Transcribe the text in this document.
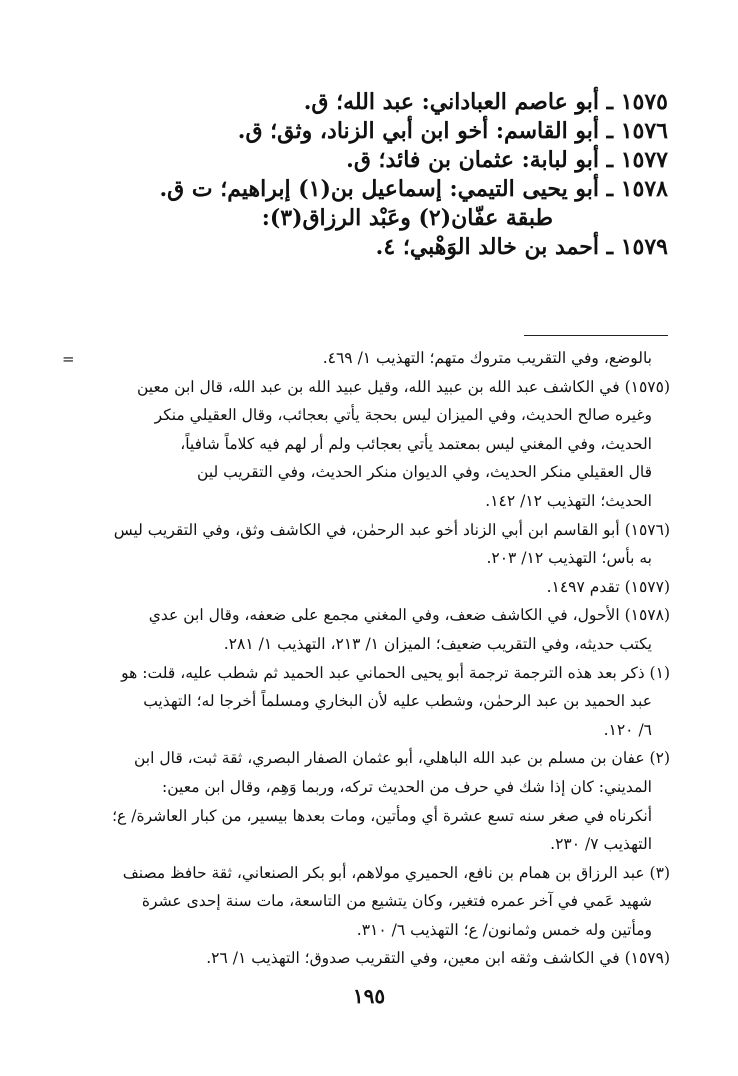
١٥٧٥ ـ أبو عاصم العباداني: عبد الله؛ ق.

١٥٧٦ ـ أبو القاسم: أخو ابن أبي الزناد، وثق؛ ق.

١٥٧٧ ـ أبو لبابة: عثمان بن فائد؛ ق.

١٥٧٨ ـ أبو يحيى التيمي: إسماعيل بن(١) إبراهيم؛ ت ق.

طبقة عفّان(٢) وعَبْد الرزاق(٣):

١٥٧٩ ـ أحمد بن خالد الوَهْبي؛ ٤.

=	بالوضع، وفي التقريب متروك متهم؛ التهذيب ١/ ٤٦٩.

(١٥٧٥) في الكاشف عبد الله بن عبيد الله، وقيل عبيد الله بن عبد الله، قال ابن معين
وغيره صالح الحديث، وفي الميزان ليس بحجة يأتي بعجائب، وقال العقيلي منكر
الحديث، وفي المغني ليس بمعتمد يأتي بعجائب ولم أر لهم فيه كلاماً شافياً،
قال العقيلي منكر الحديث، وفي الديوان منكر الحديث، وفي التقريب لين
الحديث؛ التهذيب ١٢/ ١٤٢.

(١٥٧٦) أبو القاسم ابن أبي الزناد أخو عبد الرحمٰن، في الكاشف وثق، وفي التقريب ليس
به بأس؛ التهذيب ١٢/ ٢٠٣.

(١٥٧٧) تقدم ١٤٩٧.

(١٥٧٨) الأحول، في الكاشف ضعف، وفي المغني مجمع على ضعفه، وقال ابن عدي
يكتب حديثه، وفي التقريب ضعيف؛ الميزان ١/ ٢١٣، التهذيب ١/ ٢٨١.

(١) ذكر بعد هذه الترجمة ترجمة أبو يحيى الحماني عبد الحميد ثم شطب عليه، قلت: هو
عبد الحميد بن عبد الرحمٰن، وشطب عليه لأن البخاري ومسلماً أخرجا له؛ التهذيب
٦/ ١٢٠.

(٢) عفان بن مسلم بن عبد الله الباهلي، أبو عثمان الصفار البصري، ثقة ثبت، قال ابن
المديني: كان إذا شك في حرف من الحديث تركه، وربما وَهِم، وقال ابن معين:
أنكرناه في صغر سنه تسع عشرة أي ومأتين، ومات بعدها بيسير، من كبار العاشرة/ ع؛
التهذيب ٧/ ٢٣٠.

(٣) عبد الرزاق بن همام بن نافع، الحميري مولاهم، أبو بكر الصنعاني، ثقة حافظ مصنف
شهيد عَمي في آخر عمره فتغير، وكان يتشيع من التاسعة، مات سنة إحدى عشرة
ومأتين وله خمس وثمانون/ ع؛ التهذيب ٦/ ٣١٠.

(١٥٧٩) في الكاشف وثقه ابن معين، وفي التقريب صدوق؛ التهذيب ١/ ٢٦.

١٩٥
